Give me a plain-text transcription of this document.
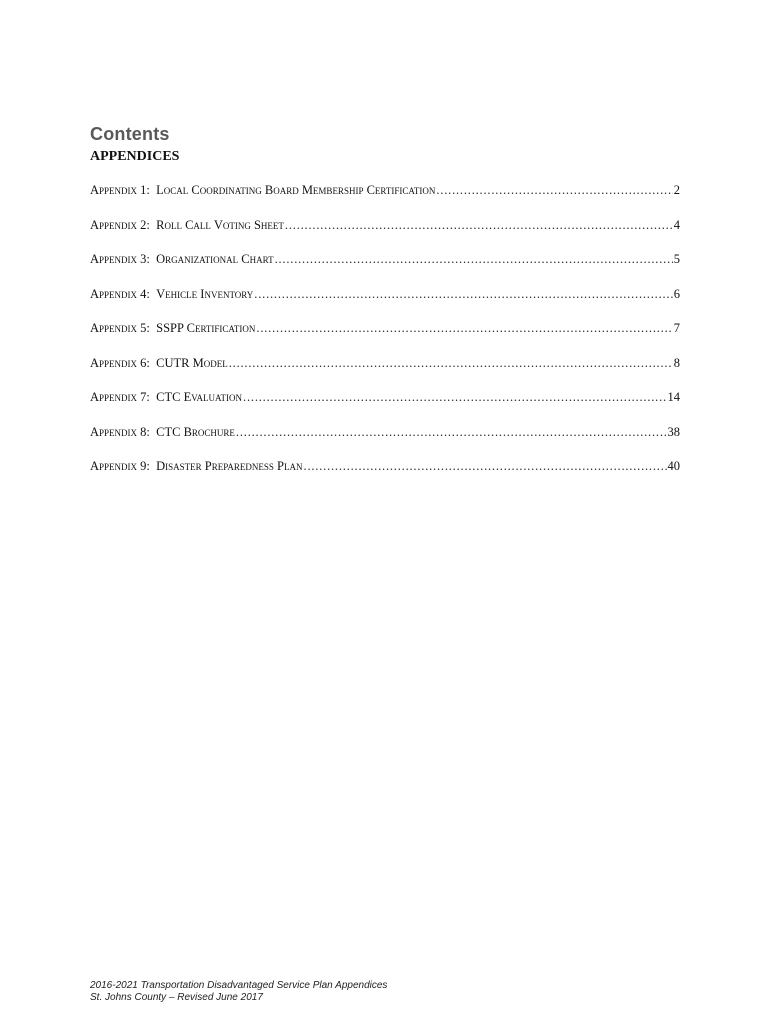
Contents
APPENDICES
Appendix 1:
Local Coordinating Board Membership Certification .....	2
Appendix 2:
Roll Call Voting Sheet .....	4
Appendix 3:
Organizational Chart .....	5
Appendix 4:
Vehicle Inventory .....	6
Appendix 5:
SSPP Certification .....	7
Appendix 6:
CUTR Model .....	8
Appendix 7:
CTC Evaluation .....	14
Appendix 8:
CTC Brochure .....	38
Appendix 9:
Disaster Preparedness Plan .....	40
2016-2021 Transportation Disadvantaged Service Plan Appendices
St. Johns County – Revised June 2017
